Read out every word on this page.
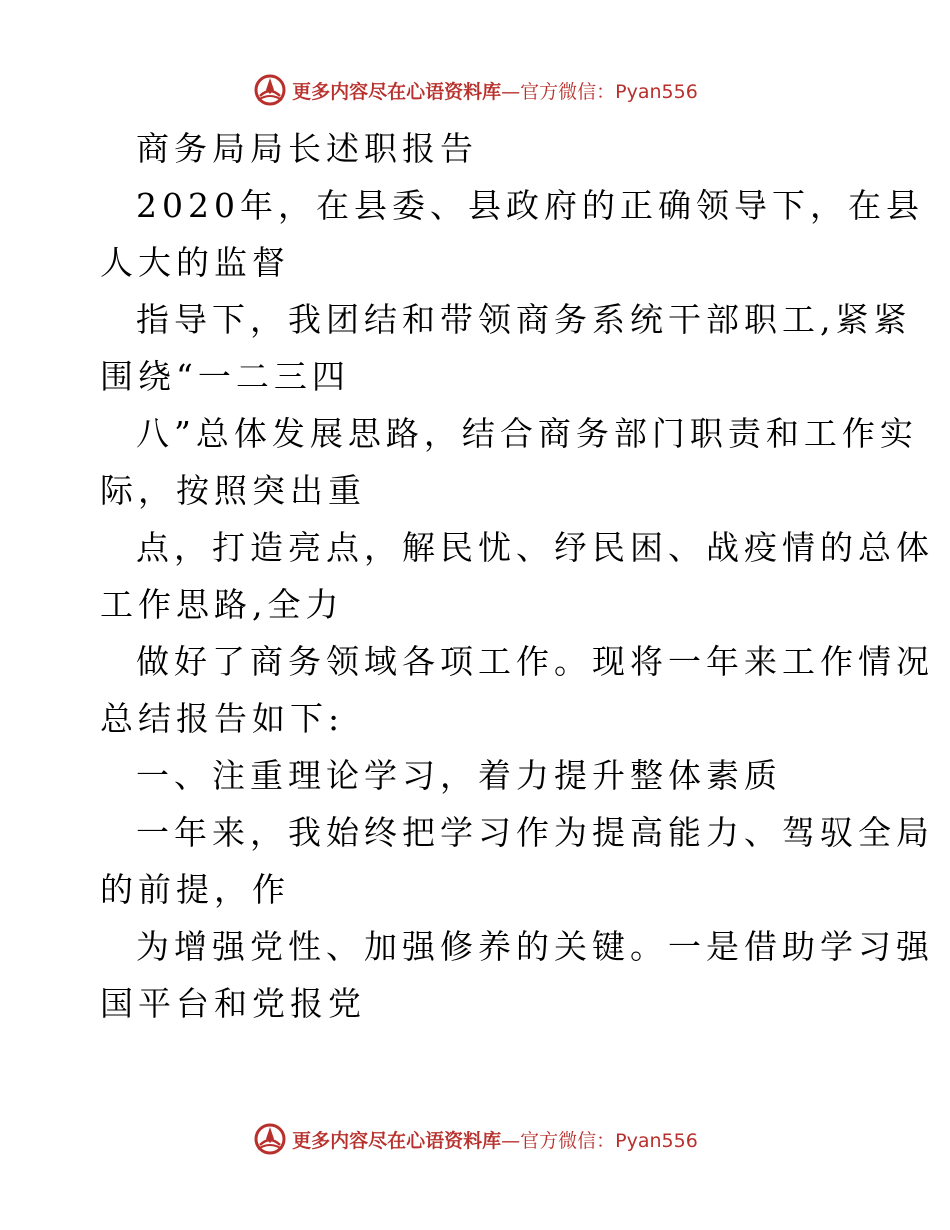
更多内容尽在心语资料库 —官方微信：Pyan556
商务局局长述职报告
2020年，在县委、县政府的正确领导下，在县
人大的监督
指导下，我团结和带领商务系统干部职工,紧紧
围绕“一二三四
八”总体发展思路，结合商务部门职责和工作实
际，按照突出重
点，打造亮点，解民忧、纾民困、战疫情的总体
工作思路,全力
做好了商务领域各项工作。现将一年来工作情况
总结报告如下:
一、注重理论学习，着力提升整体素质
一年来，我始终把学习作为提高能力、驾驭全局
的前提，作
为增强党性、加强修养的关键。一是借助学习强
国平台和党报党
更多内容尽在心语资料库 —官方微信：Pyan556
